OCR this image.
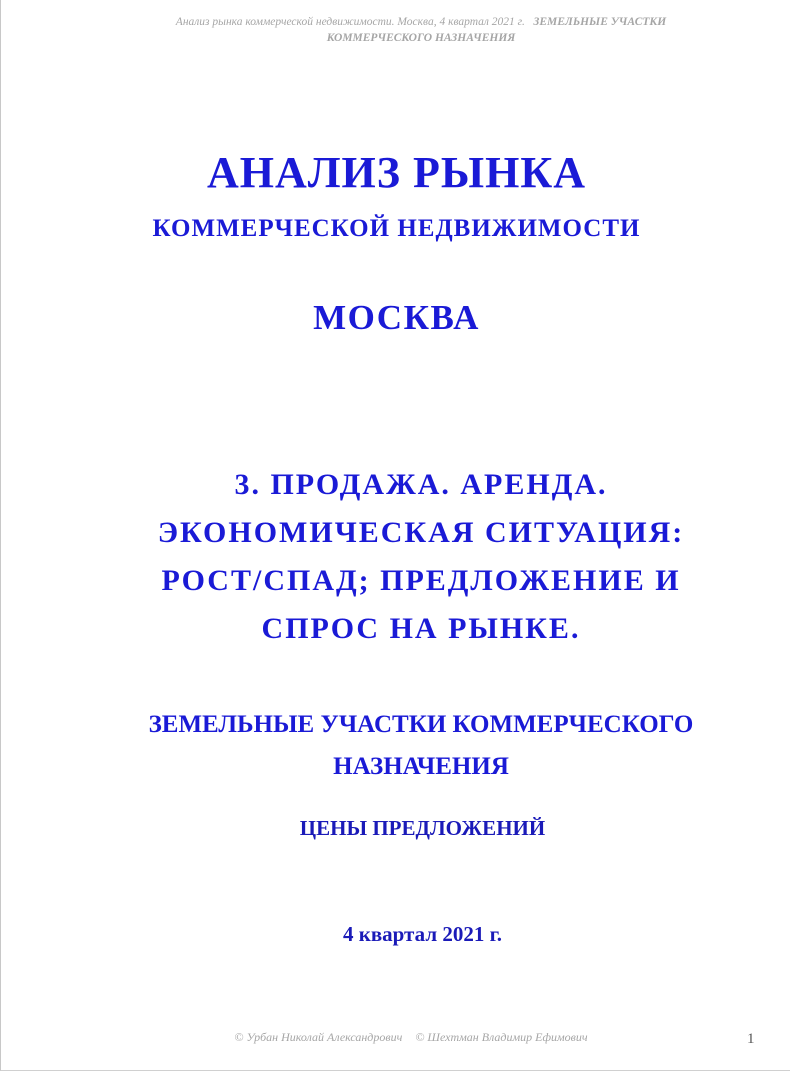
Анализ рынка коммерческой недвижимости. Москва, 4 квартал 2021 г. ЗЕМЕЛЬНЫЕ УЧАСТКИ
КОММЕРЧЕСКОГО НАЗНАЧЕНИЯ
АНАЛИЗ РЫНКА
КОММЕРЧЕСКОЙ НЕДВИЖИМОСТИ
МОСКВА
3. ПРОДАЖА. АРЕНДА.
ЭКОНОМИЧЕСКАЯ СИТУАЦИЯ:
РОСТ/СПАД; ПРЕДЛОЖЕНИЕ И
СПРОС НА РЫНКЕ.
ЗЕМЕЛЬНЫЕ УЧАСТКИ КОММЕРЧЕСКОГО
НАЗНАЧЕНИЯ
ЦЕНЫ ПРЕДЛОЖЕНИЙ
4 квартал 2021 г.
© Урбан Николай Александрович © Шехтман Владимир Ефимович	1
